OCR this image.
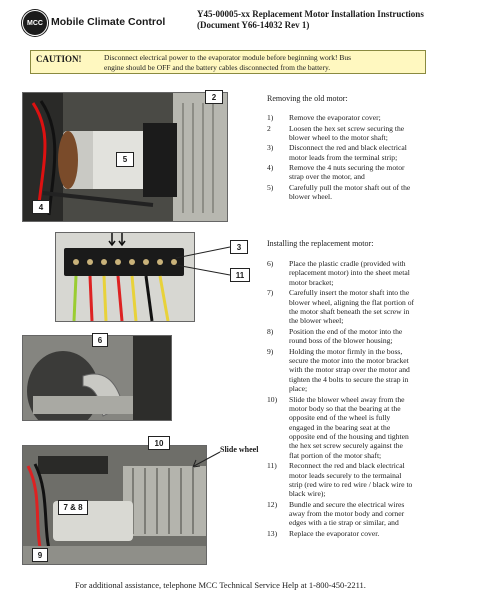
MCC Mobile Climate Control
Y45-00005-xx Replacement Motor Installation Instructions
(Document Y66-14032 Rev 1)
CAUTION!	Disconnect electrical power to the evaporator module before beginning work! Bus
engine should be OFF and the battery cables disconnected from the battery.
2
5
4
3
11
6
10
7 & 8
9
Slide wheel
Removing the old motor:
1) Remove the evaporator cover;
2 Loosen the hex set screw securing the
blower wheel to the motor shaft;
3) Disconnect the red and black electrical
motor leads from the terminal strip;
4) Remove the 4 nuts securing the motor
strap over the motor, and
5) Carefully pull the motor shaft out of the
blower wheel.
Installing the replacement motor:
6) Place the plastic cradle (provided with
replacement motor) into the sheet metal
motor bracket;
7) Carefully insert the motor shaft into the
blower wheel, aligning the flat portion of
the motor shaft beneath the set screw in
the blower wheel;
8) Position the end of the motor into the
round boss of the blower housing;
9) Holding the motor firmly in the boss,
secure the motor into the motor bracket
with the motor strap over the motor and
tighten the 4 bolts to secure the strap in
place;
10) Slide the blower wheel away from the
motor body so that the bearing at the
opposite end of the wheel is fully
engaged in the bearing seat at the
opposite end of the housing and tighten
the hex set screw securely against the
flat portion of the motor shaft;
11) Reconnect the red and black electrical
motor leads securely to the termainal
strip (red wire to red wire / black wire to
black wire);
12) Bundle and secure the electrical wires
away from the motor body and corner
edges with a tie strap or similar, and
13) Replace the evaporator cover.
For additional assistance, telephone MCC Technical Service Help at 1-800-450-2211.
